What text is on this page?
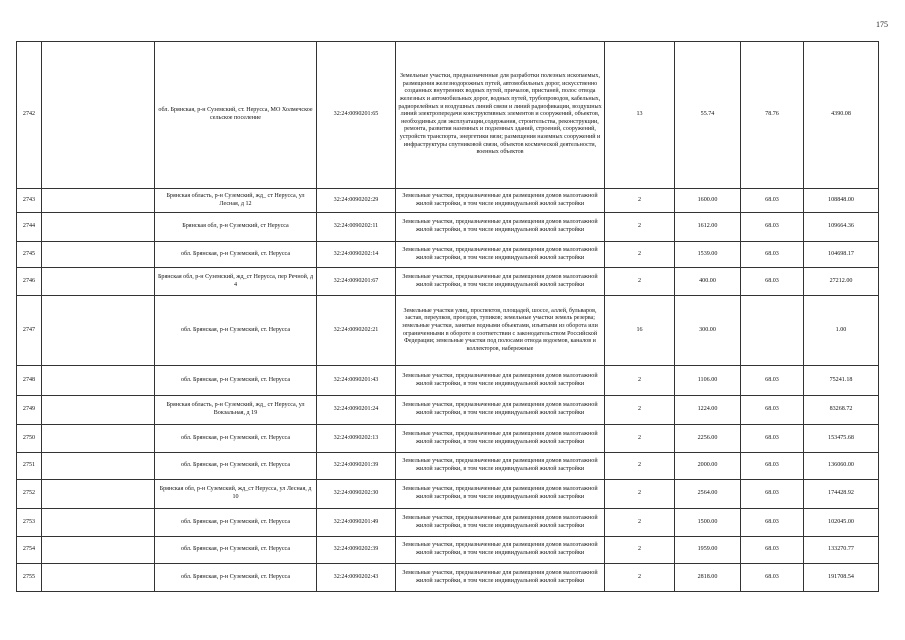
175
2742		обл. Брянская, р-н Суземский, ст. Нерусса, МО Холмечское сельское поселение	32:24:0090201:65	Земельные участки, предназначенные для разработки полезных ископаемых, размещения железнодорожных путей, автомобильных дорог, искусственно созданных внутренних водных путей, причалов, пристаней, полос отвода железных и автомобильных дорог, водных путей, трубопроводов, кабельных, радиорелейных и воздушных линий связи и линий радиофикации, воздушных линий электропередачи конструктивных элементов и сооружений, объектов, необходимых для эксплуатации,содержания, строительства, реконструкции, ремонта, развития наземных и подземных зданий, строений, сооружений, устройств транспорта, энергетики вязи; размещения наземных сооружений и инфраструктуры спутниковой связи, объектов космической деятельности, военных объектов	13	55.74	78.76	4390.08
2743		Брянская область, р-н Суземский, жд_ ст Нерусса, ул Лесная, д 12	32:24:0090202:29	Земельные участки, предназначенные для размещения домов малоэтажной жилой застройки, в том числе индивидуальной жилой застройки	2	1600.00	68.03	108848.00
2744		Брянская обл, р-н Суземский, ст Нерусса	32:24:0090202:11	Земельные участки, предназначенные для размещения домов малоэтажной жилой застройки, в том числе индивидуальной жилой застройки	2	1612.00	68.03	109664.36
2745		обл. Брянская, р-н Суземский, ст. Нерусса	32:24:0090202:14	Земельные участки, предназначенные для размещения домов малоэтажной жилой застройки, в том числе индивидуальной жилой застройки	2	1539.00	68.03	104698.17
2746		Брянская обл, р-н Суземский, жд_ст Нерусса, пер Речной, д 4	32:24:0090201:67	Земельные участки, предназначенные для размещения домов малоэтажной жилой застройки, в том числе индивидуальной жилой застройки	2	400.00	68.03	27212.00
2747		обл. Брянская, р-н Суземский, ст. Нерусса	32:24:0090202:21	Земельные участки улиц, проспектов, площадей, шоссе, аллей, бульваров, застав, переулков, проездов, тупиков; земельные участки земель резерва; земельные участки, занятые водными объектами, изъятыми из оборота или ограниченными в обороте в соответствии с законодательством Российской Федерации; земельные участки под полосами отвода водоемов, каналов и коллекторов, набережные	16	300.00		1.00
2748		обл. Брянская, р-н Суземский, ст. Нерусса	32:24:0090201:43	Земельные участки, предназначенные для размещения домов малоэтажной жилой застройки, в том числе индивидуальной жилой застройки	2	1106.00	68.03	75241.18
2749		Брянская область, р-н Суземский, жд_ ст Нерусса, ул Вокзальная, д 19	32:24:0090201:24	Земельные участки, предназначенные для размещения домов малоэтажной жилой застройки, в том числе индивидуальной жилой застройки	2	1224.00	68.03	83268.72
2750		обл. Брянская, р-н Суземский, ст. Нерусса	32:24:0090202:13	Земельные участки, предназначенные для размещения домов малоэтажной жилой застройки, в том числе индивидуальной жилой застройки	2	2256.00	68.03	153475.68
2751		обл. Брянская, р-н Суземский, ст. Нерусса	32:24:0090201:39	Земельные участки, предназначенные для размещения домов малоэтажной жилой застройки, в том числе индивидуальной жилой застройки	2	2000.00	68.03	136060.00
2752		Брянская обл, р-н Суземский, жд_ст Нерусса, ул Лесная, д 10	32:24:0090202:30	Земельные участки, предназначенные для размещения домов малоэтажной жилой застройки, в том числе индивидуальной жилой застройки	2	2564.00	68.03	174428.92
2753		обл. Брянская, р-н Суземский, ст. Нерусса	32:24:0090201:49	Земельные участки, предназначенные для размещения домов малоэтажной жилой застройки, в том числе индивидуальной жилой застройки	2	1500.00	68.03	102045.00
2754		обл. Брянская, р-н Суземский, ст. Нерусса	32:24:0090202:39	Земельные участки, предназначенные для размещения домов малоэтажной жилой застройки, в том числе индивидуальной жилой застройки	2	1959.00	68.03	133270.77
2755		обл. Брянская, р-н Суземский, ст. Нерусса	32:24:0090202:43	Земельные участки, предназначенные для размещения домов малоэтажной жилой застройки, в том числе индивидуальной жилой застройки	2	2818.00	68.03	191708.54
